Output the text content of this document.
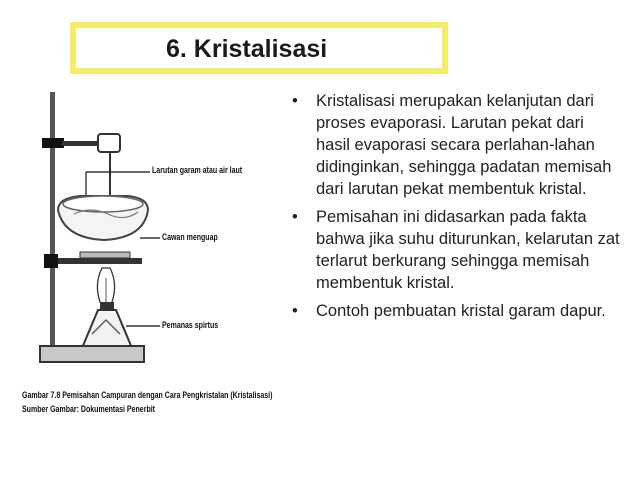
6. Kristalisasi
• Kristalisasi merupakan kelanjutan dari proses evaporasi. Larutan pekat dari hasil evaporasi secara perlahan-lahan didinginkan, sehingga padatan memisah dari larutan pekat membentuk kristal.
• Pemisahan ini didasarkan pada fakta bahwa jika suhu diturunkan, kelarutan zat terlarut berkurang sehingga memisah membentuk kristal.
• Contoh pembuatan kristal garam dapur.
Larutan garam atau air laut
Cawan menguap
Pemanas spirtus
Gambar 7.8 Pemisahan Campuran dengan Cara Pengkristalan (Kristalisasi)
Sumber Gambar: Dokumentasi Penerbit
